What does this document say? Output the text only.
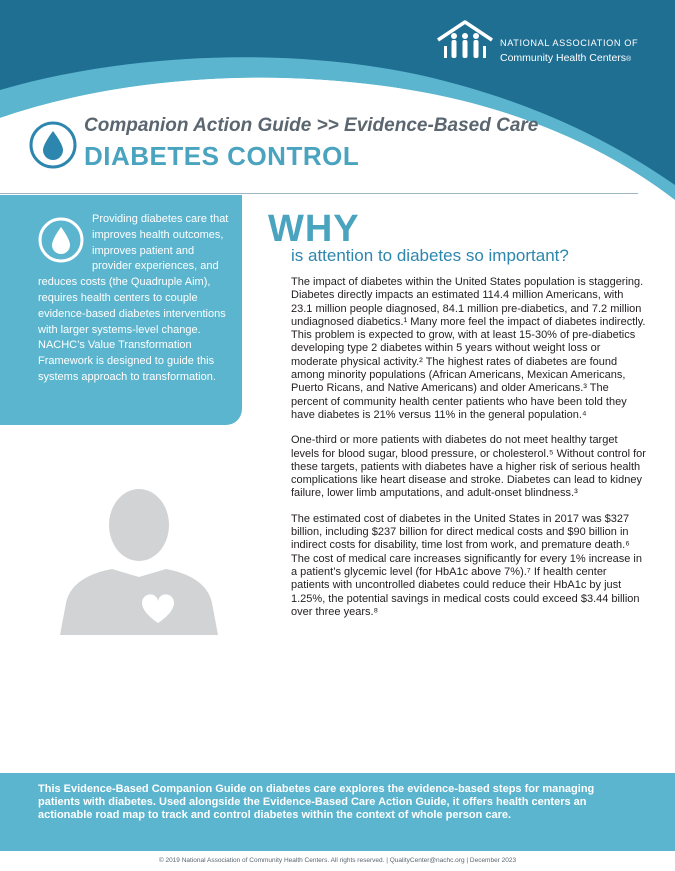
NATIONAL ASSOCIATION OF
Community Health Centers®
Companion Action Guide >> Evidence-Based Care
DIABETES CONTROL
Providing diabetes care that improves health outcomes, improves patient and provider experiences, and reduces costs (the Quadruple Aim), requires health centers to couple evidence-based diabetes interventions with larger systems-level change. NACHC’s Value Transformation Framework is designed to guide this systems approach to transformation.
WHY
is attention to diabetes so important?

The impact of diabetes within the United States population is staggering. Diabetes directly impacts an estimated 114.4 million Americans, with 23.1 million people diagnosed, 84.1 million pre-diabetics, and 7.2 million undiagnosed diabetics.¹ Many more feel the impact of diabetes indirectly. This problem is expected to grow, with at least 15-30% of pre-diabetics developing type 2 diabetes within 5 years without weight loss or moderate physical activity.² The highest rates of diabetes are found among minority populations (African Americans, Mexican Americans, Puerto Ricans, and Native Americans) and older Americans.³ The percent of community health center patients who have been told they have diabetes is 21% versus 11% in the general population.⁴

One-third or more patients with diabetes do not meet healthy target levels for blood sugar, blood pressure, or cholesterol.⁵ Without control for these targets, patients with diabetes have a higher risk of serious health complications like heart disease and stroke. Diabetes can lead to kidney failure, lower limb amputations, and adult-onset blindness.³

The estimated cost of diabetes in the United States in 2017 was $327 billion, including $237 billion for direct medical costs and $90 billion in indirect costs for disability, time lost from work, and premature death.⁶ The cost of medical care increases significantly for every 1% increase in a patient’s glycemic level (for HbA1c above 7%).⁷ If health center patients with uncontrolled diabetes could reduce their HbA1c by just 1.25%, the potential savings in medical costs could exceed $3.44 billion over three years.⁸

This Evidence-Based Companion Guide on diabetes care explores the evidence-based steps for managing patients with diabetes. Used alongside the Evidence-Based Care Action Guide, it offers health centers an actionable road map to track and control diabetes within the context of whole person care.
© 2019 National Association of Community Health Centers. All rights reserved. | QualityCenter@nachc.org | December 2023
